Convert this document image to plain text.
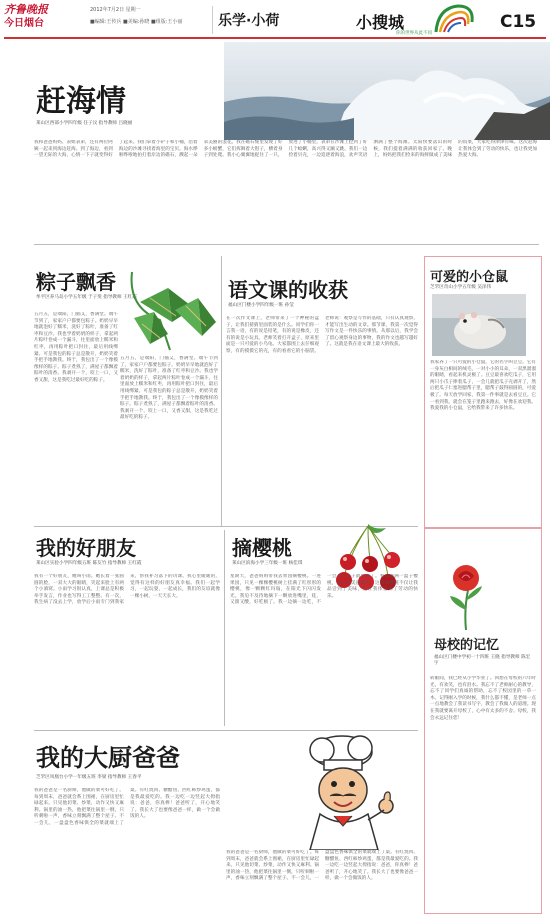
齐鲁晚报
今日烟台
2012年7月2日 星期一
■编辑:王传兵 ■美编:孙晓 ■组版:王小丽	乐学·小荷	小搜城
你的世界从此不同
C15
赶海情
莱山区西部小学四年级 任子汶 指导教师 吕晓丽
我和爸爸妈妈、表姐表弟，还有两位阿姨一起来到海边赶海。到了海边，看到一望无际的大海，心情一下子就变得好了起来。我们拿着小铲子和小桶，沿着海边的沙滩寻找着海里的宝贝。海水哗啦哗啦地拍打着岸边的礁石，溅起一朵朵美丽的浪花。我在礁石缝里发现了好多小螃蟹，它们挥舞着大钳子，横着身子到处爬。我小心翼翼地捉住了一只，放进了小桶里。表弟在沙滩上挖到了好几个蛤蜊，高兴得又蹦又跳。我们一边捡着贝壳，一边追逐着海浪，欢声笑语洒满了整个海滩。太阳快要落山的时候，我们提着满满的收获回家了。晚上，妈妈把我们捡来的海鲜做成了美味的饭菜，大家吃得津津有味。这次赶海让我体会到了劳动的快乐，也让我更加热爱大海。
粽子飘香
牟平区养马岛小学五年级 于子斐 指导教师 王红霞
五月五，是端阳，门插艾，香满堂。端午节到了，家家户户都要包粽子。奶奶早早地就泡好了糯米，洗好了粽叶，准备了红枣和豆沙。我也学着奶奶的样子，拿起两片粽叶卷成一个漏斗，往里面放上糯米和红枣，再用粽叶把口封住，最后用线绑紧。可是我包的粽子总是散开，奶奶笑着手把手地教我。终于，我包出了一个像模像样的粽子。粽子煮熟了，满屋子都飘着粽叶的清香。我剥开一个，咬上一口，又香又甜，这是我吃过最好吃的粽子。
五月五，是端阳，门插艾，香满堂。端午节到了，家家户户都要包粽子。奶奶早早地就泡好了糯米，洗好了粽叶，准备了红枣和豆沙。我也学着奶奶的样子，拿起两片粽叶卷成一个漏斗，往里面放上糯米和红枣，再用粽叶把口封住，最后用线绑紧。可是我包的粽子总是散开，奶奶笑着手把手地教我。终于，我包出了一个像模像样的粽子。粽子煮熟了，满屋子都飘着粽叶的清香。我剥开一个，咬上一口，又香又甜，这是我吃过最好吃的粽子。
语文课的收获
福山区门楼小学四年级一班 孙莹
在一次作文课上，老师带来了一个神秘的盒子，让我们猜猜里面装的是什么。同学们你一言我一语，有的说是铅笔，有的说是橡皮，还有的说是小玩具。老师笑着打开盒子，原来里面是一只可爱的小乌龟。大家都围上去仔细观察，有的摸摸它的壳，有的看看它的小脑袋。老师说：观察是写作的基础，只有认真观察，才能写出生动的文章。那节课，我第一次觉得写作文是一件快乐的事情。从那以后，我学会了留心观察身边的事物，我的作文也越写越好了。这就是我在语文课上最大的收获。
可爱的小仓鼠
芝罘区奇山小学五年级 吴泽伟
我家养了一只可爱的小仓鼠，它的名字叫豆豆。它有一身灰白相间的绒毛，一对小小的耳朵，一双黑溜溜的眼睛，看起来机灵极了。豆豆最喜欢吃瓜子，它用两只小爪子捧着瓜子，一会儿就把瓜子壳剥开了，然后把瓜子仁塞进腮帮子里，腮帮子鼓得圆圆的，可爱极了。每天放学回家，我第一件事就是去看豆豆。它一看到我，就会在笼子里跑来跑去，好像在欢迎我。我爱我的小仓鼠，它给我带来了许多快乐。
我的好朋友
莱山区实验小学四年级五班 陈友竹 指导教师 王红霞
我有一个好朋友，她叫小雨。她长着一张圆圆的脸，一双大大的眼睛，笑起来脸上有两个小酒窝。小雨学习很认真，上课总是积极举手发言，作业也写得工工整整。有一次，我生病了没去上学，放学后小雨专门到我家来，帮我补习落下的功课。我心里暖暖的，觉得有这样的好朋友真幸福。我们一起学习，一起玩耍，一起成长，我们的友谊就像一棵小树，一天天长大。
摘樱桃
莱山区滨海小学三年级一班 杨佳琪
星期天，爸爸妈妈带我去果园摘樱桃。一进果园，只见一棵棵樱桃树上挂满了红彤彤的樱桃，像一颗颗红玛瑙，在阳光下闪闪发光。我迫不及待地摘下一颗放进嘴里，哇，又甜又酸，好吃极了。我一边摘一边吃，不一会儿小篮子就装满了。看着满满一篮子樱桃，我心里美滋滋的。这次摘樱桃不仅让我品尝到了美味，还让我体会到了劳动的快乐。
母校的记忆
福山区门楼中学初一十四班 王晓 指导教师 陈宏宇
转眼间，我已经从小学毕业了。回想在母校的六年时光，有欢笑，也有泪水。我忘不了老师耐心的教导，忘不了同学们真诚的帮助，忘不了校园里的一草一木。记得刚入学的时候，我什么都不懂，是老师一点一点地教会了我读书写字，教会了我做人的道理。现在我就要离开母校了，心中有太多的不舍。母校，我会永远记住您！
我的大厨爸爸
芝罘区凤凰台小学一年级五班 李梁 指导教师 王春平
我的爸爸是一名厨师，他做的菜可好吃了。每到周末，爸爸就会系上围裙，在厨房里忙碌起来。只见他切菜、炒菜，动作又快又麻利。锅里的油一热，他把菜往锅里一倒，只听刺啦一声，香味立刻飘满了整个屋子。不一会儿，一盘盘色香味俱全的菜就端上了桌。有红烧肉、糖醋鱼、西红柿炒鸡蛋，都是我最爱吃的。我一边吃一边竖起大拇指说：爸爸，你真棒！爸爸听了，开心地笑了。我长大了也要像爸爸一样，做一个会做饭的人。
我的爸爸是一名厨师，他做的菜可好吃了。每到周末，爸爸就会系上围裙，在厨房里忙碌起来。只见他切菜、炒菜，动作又快又麻利。锅里的油一热，他把菜往锅里一倒，只听刺啦一声，香味立刻飘满了整个屋子。不一会儿，一盘盘色香味俱全的菜就端上了桌。有红烧肉、糖醋鱼、西红柿炒鸡蛋，都是我最爱吃的。我一边吃一边竖起大拇指说：爸爸，你真棒！爸爸听了，开心地笑了。我长大了也要像爸爸一样，做一个会做饭的人。
